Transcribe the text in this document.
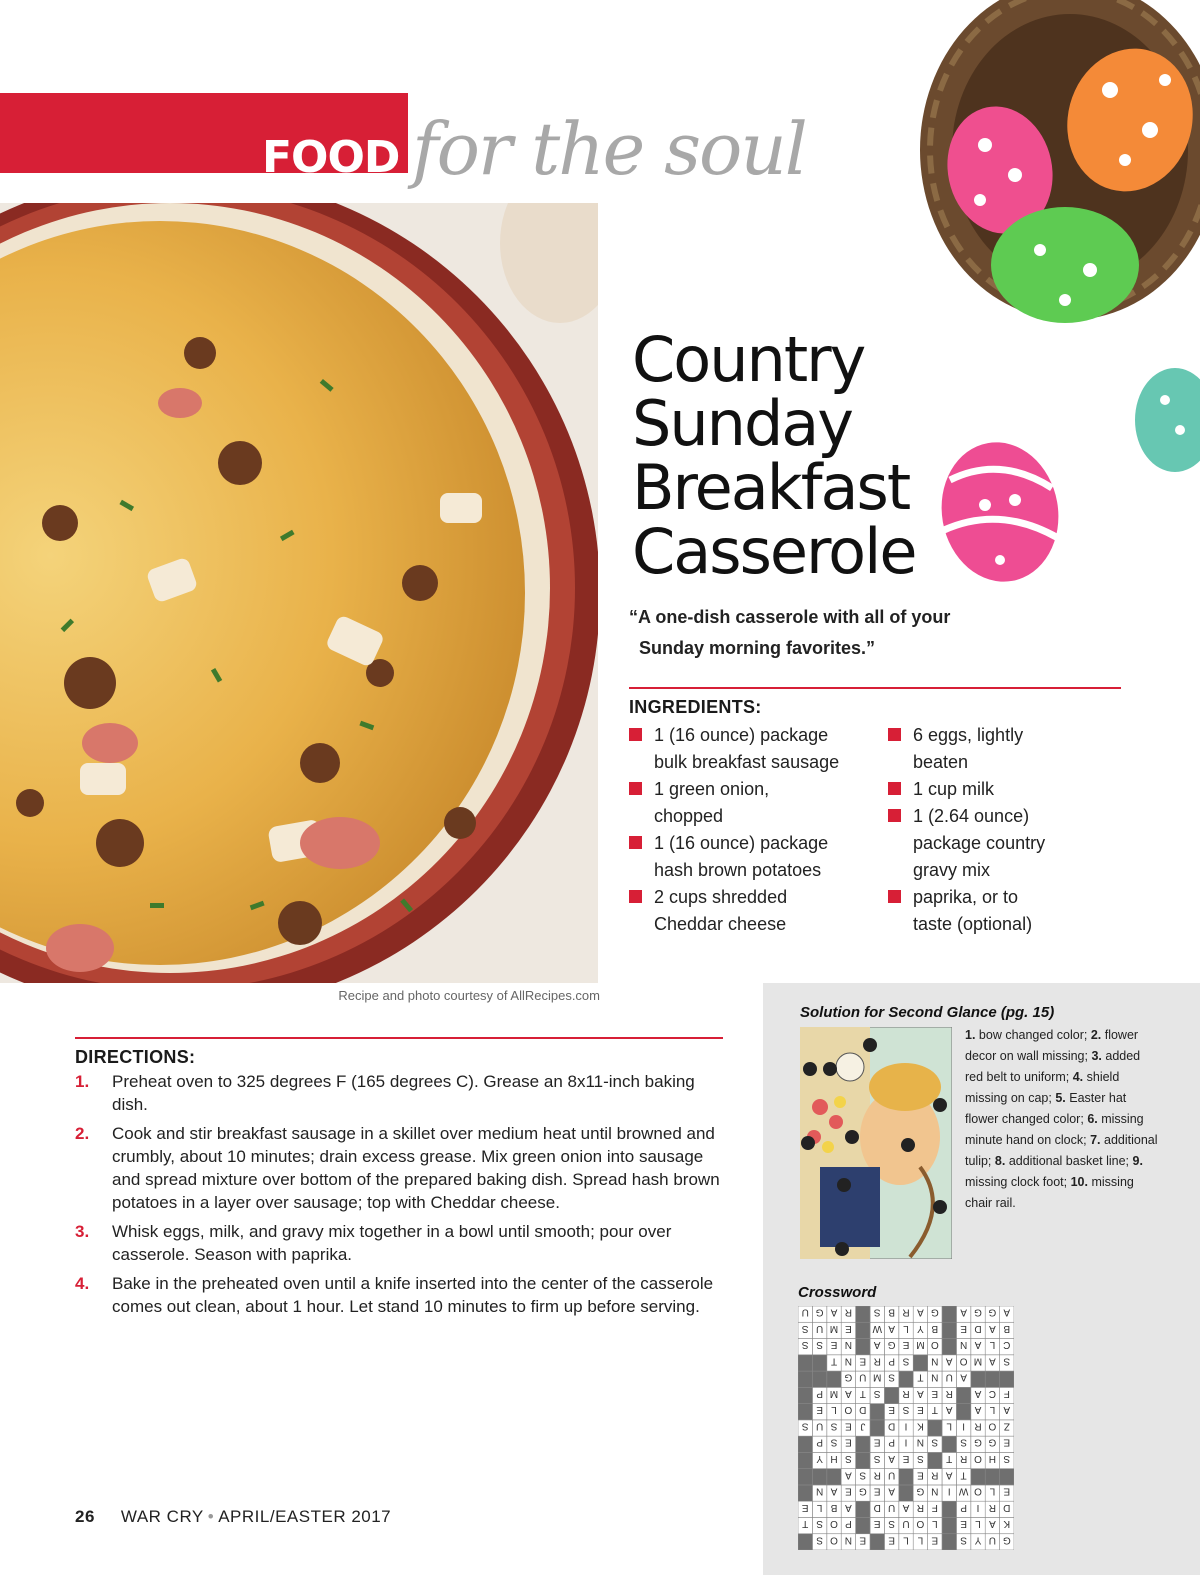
FOOD for the soul
Recipe and photo courtesy of AllRecipes.com
Country
Sunday
Breakfast
Casserole
“A one-dish casserole with all of your
Sunday morning favorites.”
INGREDIENTS:
1 (16 ounce) package
bulk breakfast sausage
1 green onion,
chopped
1 (16 ounce) package
hash brown potatoes
2 cups shredded
Cheddar cheese
6 eggs, lightly
beaten
1 cup milk
1 (2.64 ounce)
package country
gravy mix
paprika, or to
taste (optional)
DIRECTIONS:
1. Preheat oven to 325 degrees F (165 degrees C). Grease an 8x11-inch baking dish.
2. Cook and stir breakfast sausage in a skillet over medium heat until browned and crumbly, about 10 minutes; drain excess grease. Mix green onion into sausage and spread mixture over bottom of the prepared baking dish. Spread hash brown potatoes in a layer over sausage; top with Cheddar cheese.
3. Whisk eggs, milk, and gravy mix together in a bowl until smooth; pour over casserole. Season with paprika.
4. Bake in the preheated oven until a knife inserted into the center of the casserole comes out clean, about 1 hour. Let stand 10 minutes to firm up before serving.
Solution for Second Glance (pg. 15)
1. bow changed color; 2. flower decor on wall missing; 3. added red belt to uniform; 4. shield missing on cap; 5. Easter hat flower changed color; 6. missing minute hand on clock; 7. additional tulip; 8. additional basket line; 9. missing clock foot; 10. missing chair rail.
Crossword
G
U
Y
S
E
L
L
E
E
N
O
S
K
A
L
E
L
O
U
S
E
P
O
S
T
D
R
I
P
F
R
A
U
D
A
B
L
E
E
L
O
W
I
N
G
A
E
G
E
A
N
T
A
R
E
U
R
S
A
S
H
O
R
T
S
E
A
S
S
H
Y
E
G
G
S
S
N
I
P
E
E
S
P
Z
O
R
I
L
K
I
D
J
E
S
U
S
A
L
A
A
T
E
S
E
D
O
L
E
F
C
A
R
E
A
R
S
T
A
M
P
A
U
N
T
S
M
U
G
S
A
M
O
A
N
S
P
R
E
N
T
C
L
A
N
O
M
E
G
A
N
E
S
S
B
A
D
E
B
Y
L
A
W
E
M
U
S
A
G
G
A
G
A
R
B
S
R
A
G
U
26 WAR CRY • APRIL/EASTER 2017
